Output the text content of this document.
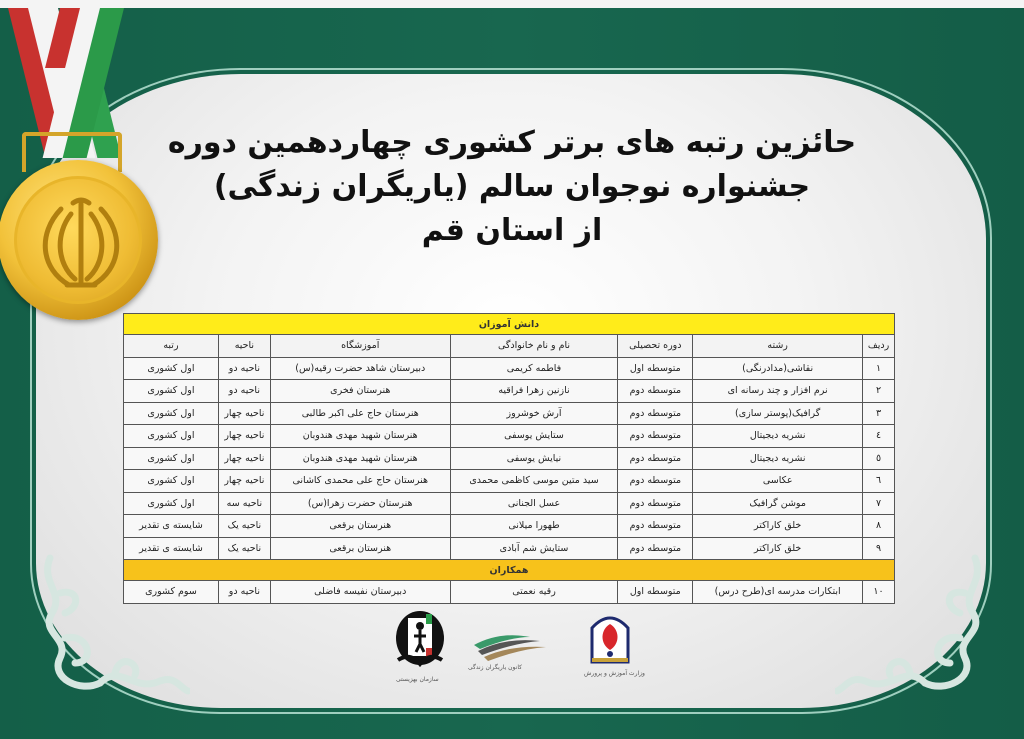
حائزین رتبه های برتر کشوری چهاردهمین دوره
جشنواره نوجوان سالم (یاریگران زندگی)
از استان قم
دانش آموزان						
ردیف	رشته	دوره تحصیلی	نام و نام خانوادگی	آموزشگاه	ناحیه	رتبه
۱	نقاشی(مدادرنگی)	متوسطه اول	فاطمه کریمی	دبیرستان شاهد حضرت رقیه(س)	ناحیه دو	اول کشوری
۲	نرم افزار و چند رسانه ای	متوسطه دوم	نازنین زهرا فراقیه	هنرستان فخری	ناحیه دو	اول کشوری
۳	گرافیک(پوستر سازی)	متوسطه دوم	آرش خوشروز	هنرستان حاج علی اکبر طالبی	ناحیه چهار	اول کشوری
٤	نشریه دیجیتال	متوسطه دوم	ستایش یوسفی	هنرستان شهید مهدی هندوبان	ناحیه چهار	اول کشوری
٥	نشریه دیجیتال	متوسطه دوم	نیایش یوسفی	هنرستان شهید مهدی هندوبان	ناحیه چهار	اول کشوری
٦	عکاسی	متوسطه دوم	سید متین موسی کاظمی محمدی	هنرستان حاج علی محمدی کاشانی	ناحیه چهار	اول کشوری
۷	موشن گرافیک	متوسطه دوم	عسل الجنانی	هنرستان حضرت زهرا(س)	ناحیه سه	اول کشوری
۸	خلق کاراکتر	متوسطه دوم	طهورا میلانی	هنرستان برقعی	ناحیه یک	شایسته ی تقدیر
۹	خلق کاراکتر	متوسطه دوم	ستایش شم آبادی	هنرستان برقعی	ناحیه یک	شایسته ی تقدیر
همکاران						
۱۰	ابتکارات مدرسه ای(طرح درس)	متوسطه اول	رقیه نعمتی	دبیرستان نفیسه فاضلی	ناحیه دو	سوم کشوری
سازمان بهزیستی
کانون یاریگران زندگی
وزارت آموزش و پرورش
